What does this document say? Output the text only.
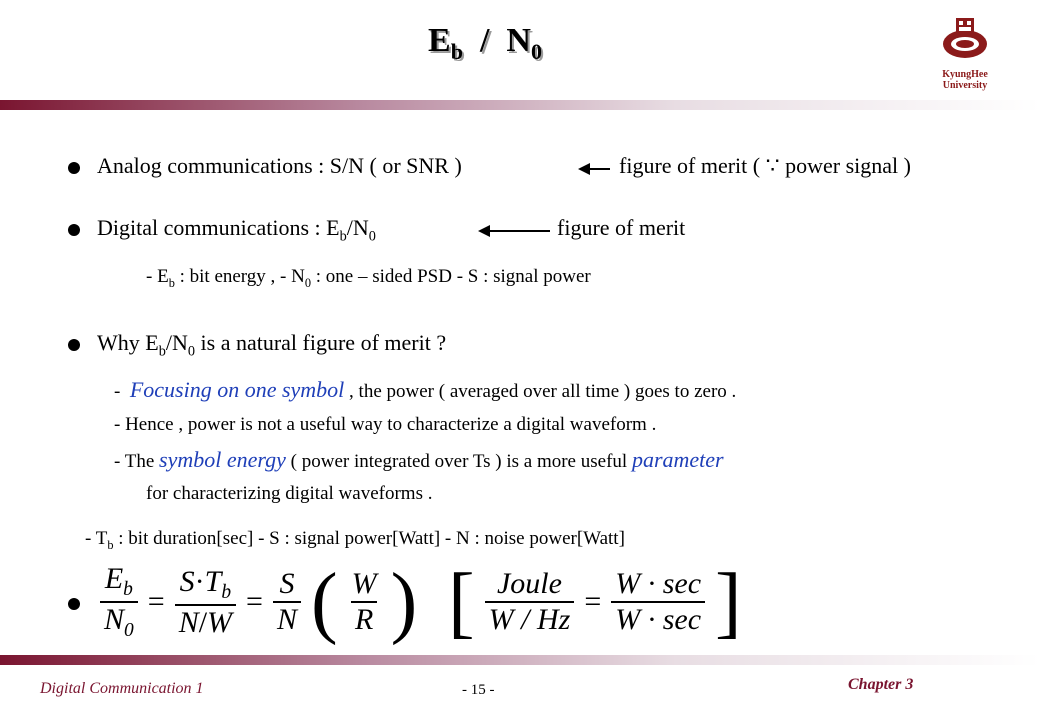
$E_b / N_0$
KyungHee
University
Analog communications : S/N ( or SNR )	figure of merit ( ∵ power signal )
Digital communications : $E_b/N_0$	figure of merit
- $E_b$ : bit energy , - $N_0$ : one – sided PSD - S : signal power
Why $E_b/N_0$ is a natural figure of merit ?
- Focusing on one symbol , the power ( averaged over all time ) goes to zero .
- Hence , power is not a useful way to characterize a digital waveform .
- The symbol energy ( power integrated over Ts ) is a more useful parameter
for characterizing digital waveforms .
- $T_b$ : bit duration[sec] - S : signal power[Watt] - N : noise power[Watt]
$\frac{E_b}{N_0} = \frac{S\cdot T_b}{N/W} = \frac{S}{N}$ ( $\frac{W}{R}$ ) [ $\frac{\text{Joule}}{W / Hz} = \frac{W \cdot \sec}{W \cdot \sec}$ ]
Digital Communication 1	- 15 -	Chapter 3
